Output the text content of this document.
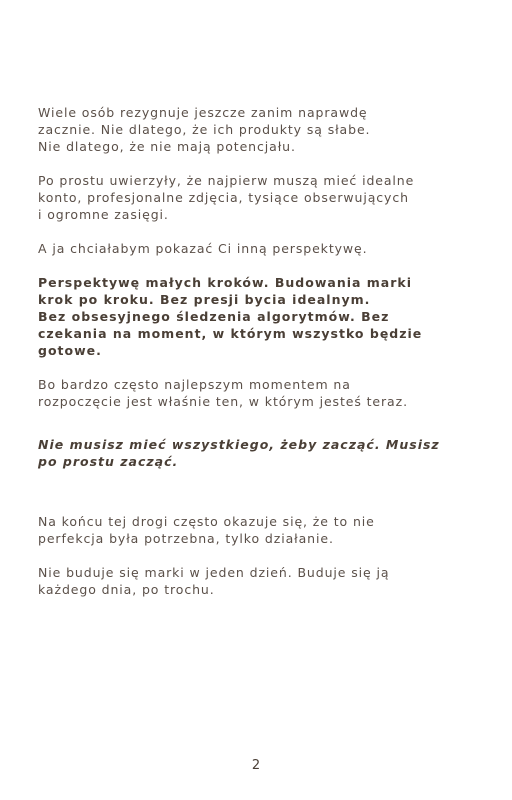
Wiele osób rezygnuje jeszcze zanim naprawdę
zacznie. Nie dlatego, że ich produkty są słabe.
Nie dlatego, że nie mają potencjału.

Po prostu uwierzyły, że najpierw muszą mieć idealne
konto, profesjonalne zdjęcia, tysiące obserwujących
i ogromne zasięgi.

A ja chciałabym pokazać Ci inną perspektywę.

Perspektywę małych kroków. Budowania marki
krok po kroku. Bez presji bycia idealnym.
Bez obsesyjnego śledzenia algorytmów. Bez
czekania na moment, w którym wszystko będzie
gotowe.

Bo bardzo często najlepszym momentem na
rozpoczęcie jest właśnie ten, w którym jesteś teraz.

Nie musisz mieć wszystkiego, żeby zacząć. Musisz
po prostu zacząć.

Na końcu tej drogi często okazuje się, że to nie
perfekcja była potrzebna, tylko działanie.

Nie buduje się marki w jeden dzień. Buduje się ją
każdego dnia, po trochu.

2
